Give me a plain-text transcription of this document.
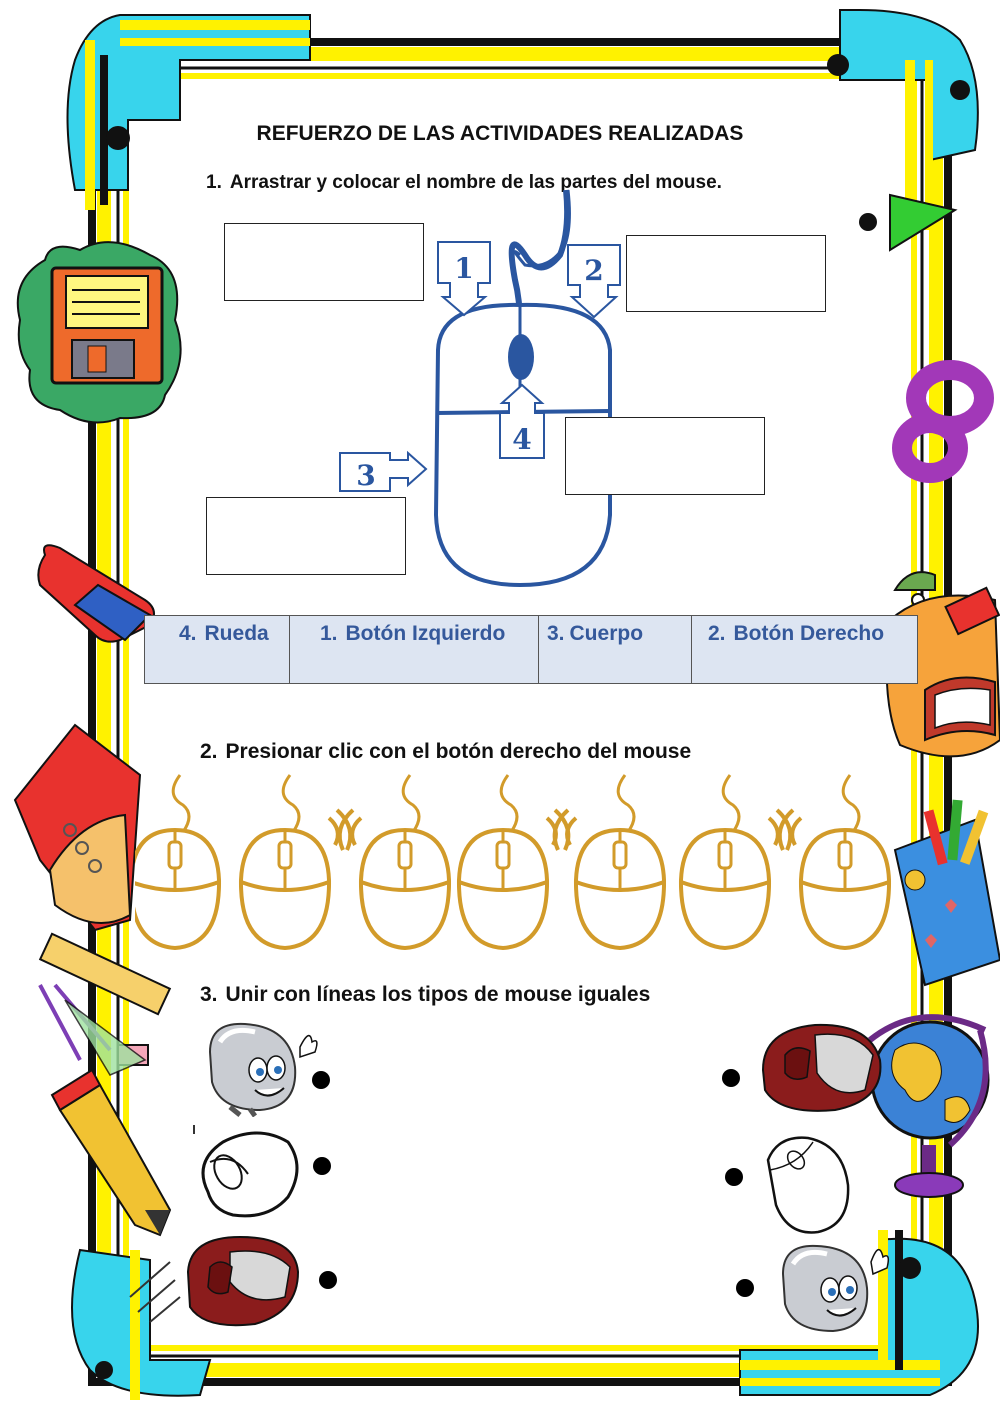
REFUERZO DE LAS ACTIVIDADES REALIZADAS
1. Arrastrar y colocar el nombre de las partes del mouse.
1	2
4
3
4. Rueda	1. Botón Izquierdo	3. Cuerpo	2. Botón Derecho
2. Presionar clic con el botón derecho del mouse
3. Unir con líneas los tipos de mouse iguales
